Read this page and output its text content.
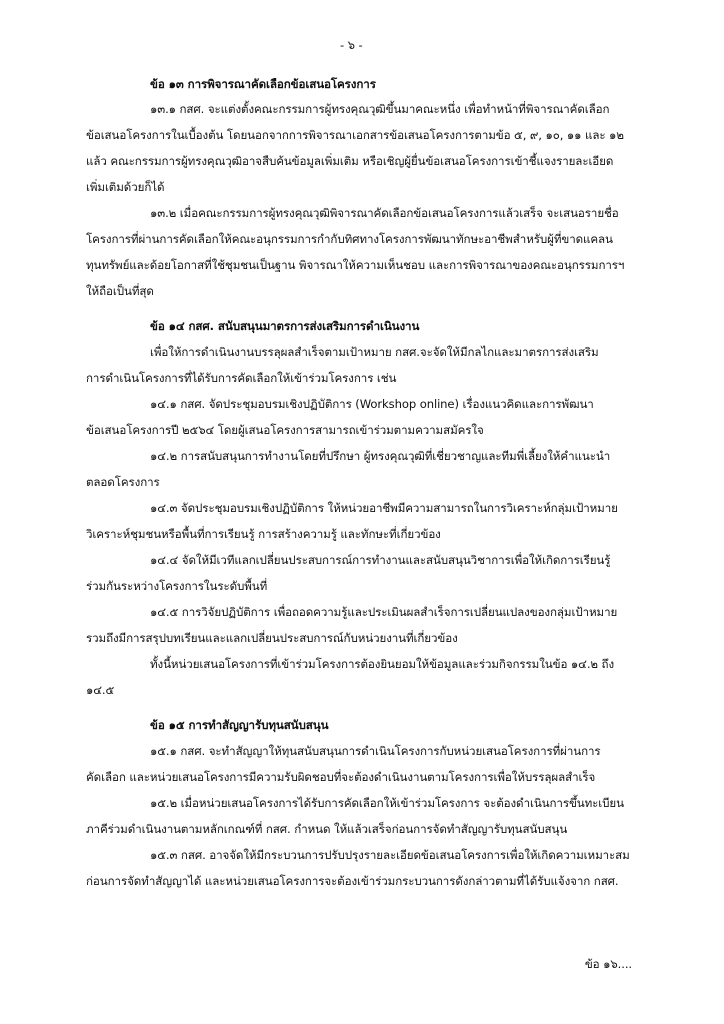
- ๖ -
ข้อ ๑๓ การพิจารณาคัดเลือกข้อเสนอโครงการ
๑๓.๑ กสศ. จะแต่งตั้งคณะกรรมการผู้ทรงคุณวุฒิขึ้นมาคณะหนึ่ง เพื่อทำหน้าที่พิจารณาคัดเลือก
ข้อเสนอโครงการในเบื้องต้น โดยนอกจากการพิจารณาเอกสารข้อเสนอโครงการตามข้อ ๕, ๙, ๑๐, ๑๑ และ ๑๒
แล้ว คณะกรรมการผู้ทรงคุณวุฒิอาจสืบค้นข้อมูลเพิ่มเติม หรือเชิญผู้ยื่นข้อเสนอโครงการเข้าชี้แจงรายละเอียด
เพิ่มเติมด้วยก็ได้
๑๓.๒ เมื่อคณะกรรมการผู้ทรงคุณวุฒิพิจารณาคัดเลือกข้อเสนอโครงการแล้วเสร็จ จะเสนอรายชื่อ
โครงการที่ผ่านการคัดเลือกให้คณะอนุกรรมการกำกับทิศทางโครงการพัฒนาทักษะอาชีพสำหรับผู้ที่ขาดแคลน
ทุนทรัพย์และด้อยโอกาสที่ใช้ชุมชนเป็นฐาน พิจารณาให้ความเห็นชอบ และการพิจารณาของคณะอนุกรรมการฯ
ให้ถือเป็นที่สุด
ข้อ ๑๔ กสศ. สนับสนุนมาตรการส่งเสริมการดำเนินงาน
เพื่อให้การดำเนินงานบรรลุผลสำเร็จตามเป้าหมาย กสศ.จะจัดให้มีกลไกและมาตรการส่งเสริม
การดำเนินโครงการที่ได้รับการคัดเลือกให้เข้าร่วมโครงการ เช่น
๑๔.๑ กสศ. จัดประชุมอบรมเชิงปฏิบัติการ (Workshop online) เรื่องแนวคิดและการพัฒนา
ข้อเสนอโครงการปี ๒๕๖๔ โดยผู้เสนอโครงการสามารถเข้าร่วมตามความสมัครใจ
๑๔.๒ การสนับสนุนการทำงานโดยที่ปรึกษา ผู้ทรงคุณวุฒิที่เชี่ยวชาญและทีมพี่เลี้ยงให้คำแนะนำ
ตลอดโครงการ
๑๔.๓ จัดประชุมอบรมเชิงปฏิบัติการ ให้หน่วยอาชีพมีความสามารถในการวิเคราะห์กลุ่มเป้าหมาย
วิเคราะห์ชุมชนหรือพื้นที่การเรียนรู้ การสร้างความรู้ และทักษะที่เกี่ยวข้อง
๑๔.๔ จัดให้มีเวทีแลกเปลี่ยนประสบการณ์การทำงานและสนับสนุนวิชาการเพื่อให้เกิดการเรียนรู้
ร่วมกันระหว่างโครงการในระดับพื้นที่
๑๔.๕ การวิจัยปฏิบัติการ เพื่อถอดความรู้และประเมินผลสำเร็จการเปลี่ยนแปลงของกลุ่มเป้าหมาย
รวมถึงมีการสรุปบทเรียนและแลกเปลี่ยนประสบการณ์กับหน่วยงานที่เกี่ยวข้อง
ทั้งนี้หน่วยเสนอโครงการที่เข้าร่วมโครงการต้องยินยอมให้ข้อมูลและร่วมกิจกรรมในข้อ ๑๔.๒ ถึง
๑๔.๕
ข้อ ๑๕ การทำสัญญารับทุนสนับสนุน
๑๕.๑ กสศ. จะทำสัญญาให้ทุนสนับสนุนการดำเนินโครงการกับหน่วยเสนอโครงการที่ผ่านการ
คัดเลือก และหน่วยเสนอโครงการมีความรับผิดชอบที่จะต้องดำเนินงานตามโครงการเพื่อให้บรรลุผลสำเร็จ
๑๕.๒ เมื่อหน่วยเสนอโครงการได้รับการคัดเลือกให้เข้าร่วมโครงการ จะต้องดำเนินการขึ้นทะเบียน
ภาคีร่วมดำเนินงานตามหลักเกณฑ์ที่ กสศ. กำหนด ให้แล้วเสร็จก่อนการจัดทำสัญญารับทุนสนับสนุน
๑๕.๓ กสศ. อาจจัดให้มีกระบวนการปรับปรุงรายละเอียดข้อเสนอโครงการเพื่อให้เกิดความเหมาะสม
ก่อนการจัดทำสัญญาได้ และหน่วยเสนอโครงการจะต้องเข้าร่วมกระบวนการดังกล่าวตามที่ได้รับแจ้งจาก กสศ.
ข้อ ๑๖....
